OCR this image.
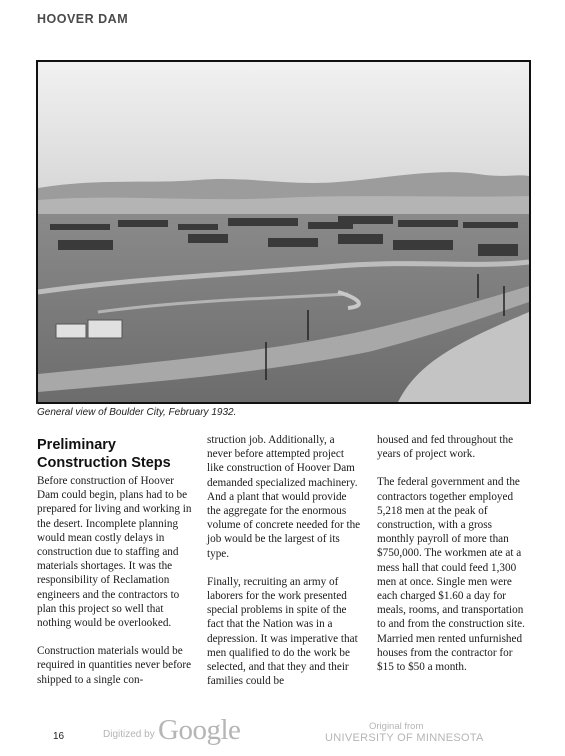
HOOVER DAM
General view of Boulder City, February 1932.
Preliminary Construction Steps

Before construction of Hoover Dam could begin, plans had to be prepared for living and working in the desert. Incomplete planning would mean costly delays in construction due to staffing and materials shortages. It was the responsibility of Reclamation engineers and the contractors to plan this project so well that nothing would be overlooked.

Construction materials would be required in quantities never before shipped to a single con-

struction job. Additionally, a never before attempted project like construction of Hoover Dam demanded specialized machinery. And a plant that would provide the aggregate for the enormous volume of concrete needed for the job would be the largest of its type.

Finally, recruiting an army of laborers for the work presented special problems in spite of the fact that the Nation was in a depression. It was imperative that men qualified to do the work be selected, and that they and their families could be

housed and fed throughout the years of project work.

The federal government and the contractors together employed 5,218 men at the peak of construction, with a gross monthly payroll of more than $750,000. The workmen ate at a mess hall that could feed 1,300 men at once. Single men were each charged $1.60 a day for meals, rooms, and transportation to and from the construction site. Married men rented unfurnished houses from the contractor for $15 to $50 a month.

16	Digitized by Google	Original from
UNIVERSITY OF MINNESOTA
